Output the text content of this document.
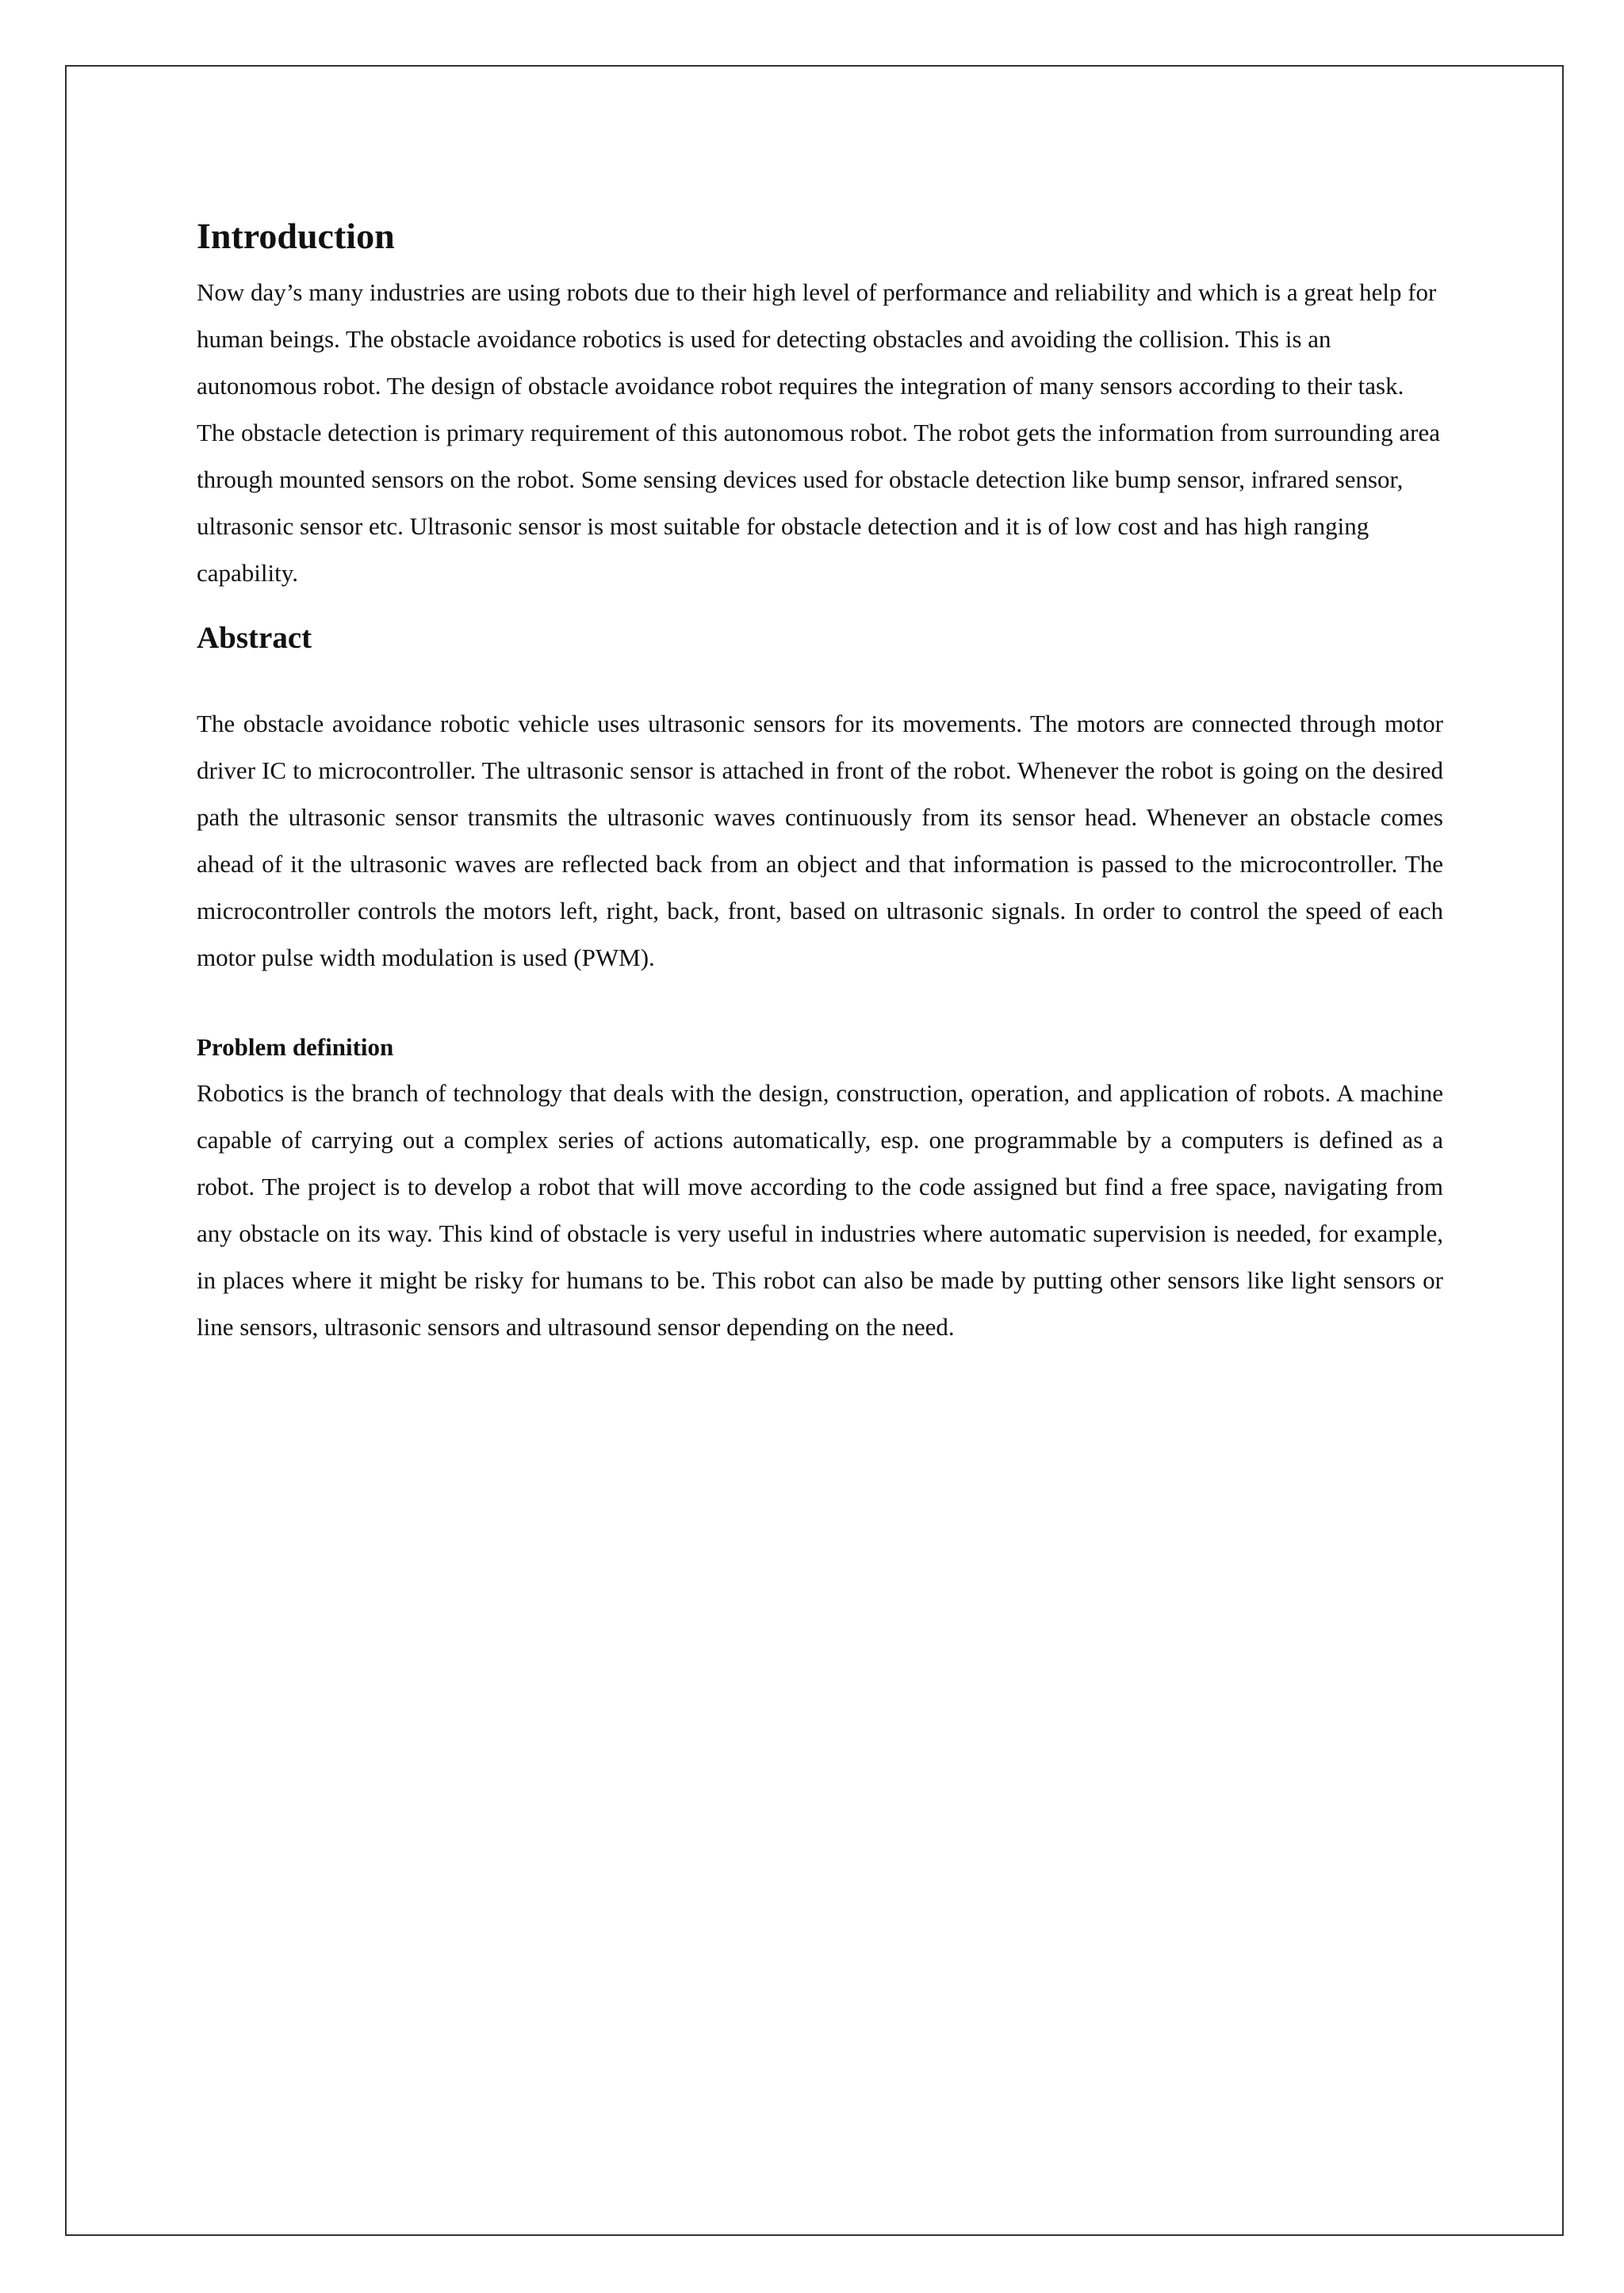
Introduction

Now day’s many industries are using robots due to their high level of performance and reliability and which is a great help for human beings. The obstacle avoidance robotics is used for detecting obstacles and avoiding the collision. This is an autonomous robot. The design of obstacle avoidance robot requires the integration of many sensors according to their task. The obstacle detection is primary requirement of this autonomous robot. The robot gets the information from surrounding area through mounted sensors on the robot. Some sensing devices used for obstacle detection like bump sensor, infrared sensor, ultrasonic sensor etc. Ultrasonic sensor is most suitable for obstacle detection and it is of low cost and has high ranging capability.

Abstract

The obstacle avoidance robotic vehicle uses ultrasonic sensors for its movements. The motors are connected through motor driver IC to microcontroller. The ultrasonic sensor is attached in front of the robot. Whenever the robot is going on the desired path the ultrasonic sensor transmits the ultrasonic waves continuously from its sensor head. Whenever an obstacle comes ahead of it the ultrasonic waves are reflected back from an object and that information is passed to the microcontroller. The microcontroller controls the motors left, right, back, front, based on ultrasonic signals. In order to control the speed of each motor pulse width modulation is used (PWM).

Problem definition

Robotics is the branch of technology that deals with the design, construction, operation, and application of robots. A machine capable of carrying out a complex series of actions automatically, esp. one programmable by a computers is defined as a robot. The project is to develop a robot that will move according to the code assigned but find a free space, navigating from any obstacle on its way. This kind of obstacle is very useful in industries where automatic supervision is needed, for example, in places where it might be risky for humans to be. This robot can also be made by putting other sensors like light sensors or line sensors, ultrasonic sensors and ultrasound sensor depending on the need.
